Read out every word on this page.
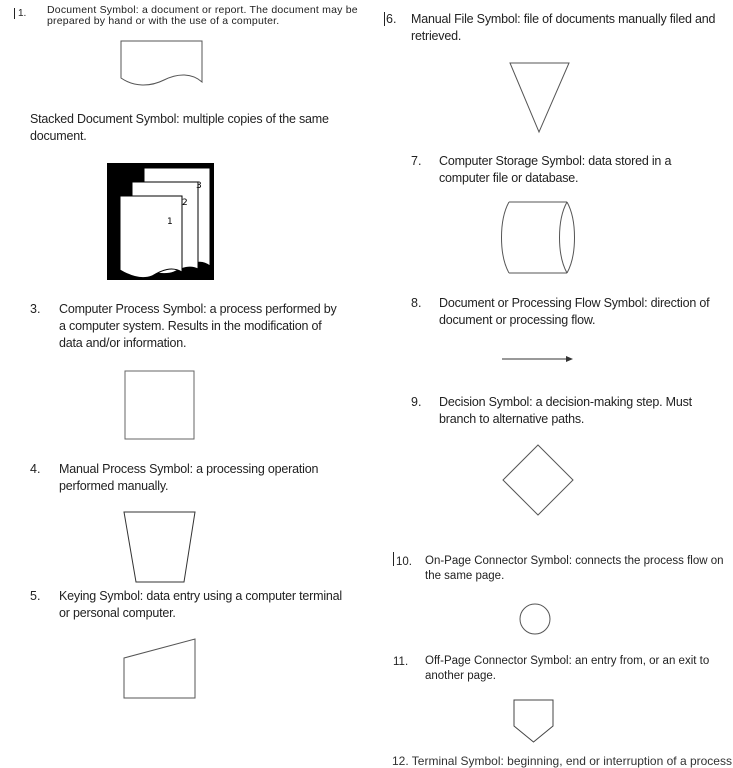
1. Document Symbol: a document or report. The document may be prepared by hand or with the use of a computer.
Stacked Document Symbol: multiple copies of the same document.
3
2
1
3. Computer Process Symbol: a process performed by a computer system. Results in the modification of data and/or information.
4. Manual Process Symbol: a processing operation performed manually.
5. Keying Symbol: data entry using a computer terminal or personal computer.
6. Manual File Symbol: file of documents manually filed and retrieved.
7. Computer Storage Symbol: data stored in a computer file or database.
8. Document or Processing Flow Symbol: direction of document or processing flow.
9. Decision Symbol: a decision-making step. Must branch to alternative paths.
10. On-Page Connector Symbol: connects the process flow on the same page.
11. Off-Page Connector Symbol: an entry from, or an exit to another page.
12. Terminal Symbol: beginning, end or interruption of a process
